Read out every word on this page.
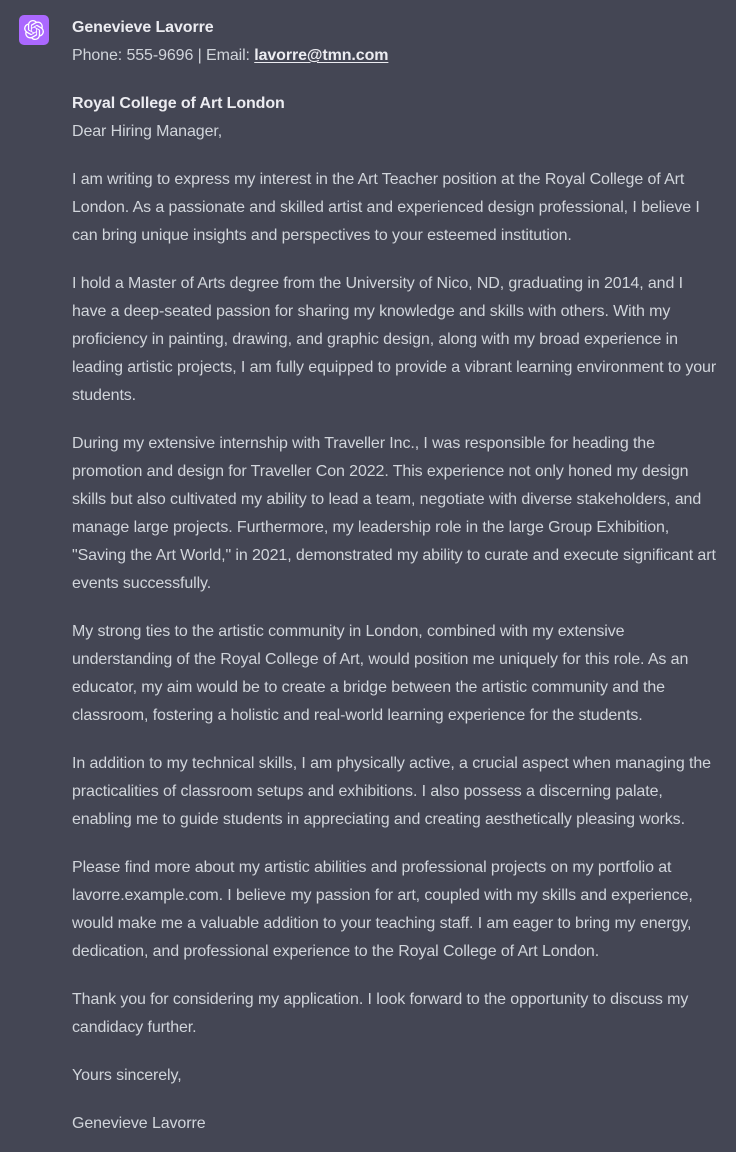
Genevieve Lavorre
Phone: 555-9696 | Email: lavorre@tmn.com

Royal College of Art London
Dear Hiring Manager,

I am writing to express my interest in the Art Teacher position at the Royal College of Art London. As a passionate and skilled artist and experienced design professional, I believe I can bring unique insights and perspectives to your esteemed institution.

I hold a Master of Arts degree from the University of Nico, ND, graduating in 2014, and I have a deep-seated passion for sharing my knowledge and skills with others. With my proficiency in painting, drawing, and graphic design, along with my broad experience in leading artistic projects, I am fully equipped to provide a vibrant learning environment to your students.

During my extensive internship with Traveller Inc., I was responsible for heading the promotion and design for Traveller Con 2022. This experience not only honed my design skills but also cultivated my ability to lead a team, negotiate with diverse stakeholders, and manage large projects. Furthermore, my leadership role in the large Group Exhibition, "Saving the Art World," in 2021, demonstrated my ability to curate and execute significant art events successfully.

My strong ties to the artistic community in London, combined with my extensive understanding of the Royal College of Art, would position me uniquely for this role. As an educator, my aim would be to create a bridge between the artistic community and the classroom, fostering a holistic and real-world learning experience for the students.

In addition to my technical skills, I am physically active, a crucial aspect when managing the practicalities of classroom setups and exhibitions. I also possess a discerning palate, enabling me to guide students in appreciating and creating aesthetically pleasing works.

Please find more about my artistic abilities and professional projects on my portfolio at lavorre.example.com. I believe my passion for art, coupled with my skills and experience, would make me a valuable addition to your teaching staff. I am eager to bring my energy, dedication, and professional experience to the Royal College of Art London.

Thank you for considering my application. I look forward to the opportunity to discuss my candidacy further.

Yours sincerely,

Genevieve Lavorre
